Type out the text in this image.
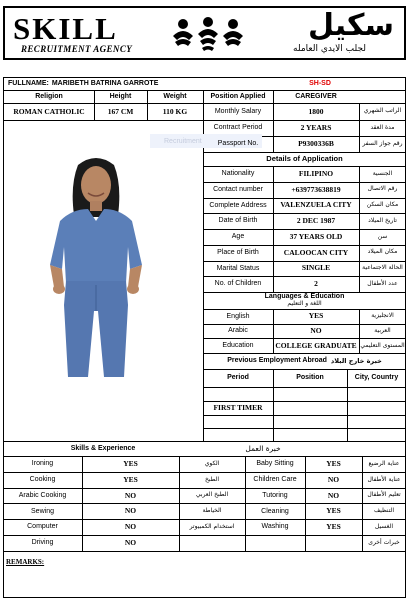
SKILL
RECRUITMENT AGENCY
سكيل
لجلب الايدي العامله
FULLNAME: MARIBETH BATRINA GARROTE	SH-SD
Religion	Height	Weight	Position Applied	CAREGIVER
ROMAN CATHOLIC	167 CM	110 KG	Monthly Salary	1800	الراتب الشهري
Contract Period	2 YEARS	مدة العقد
Recruitment	Passport No.	P9300336B	رقم جواز السفر
Details of Application
Languages & Education
اللغة و التعليم
Previous Employment Abroad خبرة خارج البلاد
Period	Position	City, Country
FIRST TIMER
Skills & Experience	خبرة العمل
REMARKS:
Nationality	FILIPINO	الجنسية
Contact number	+639773638819	رقم الاتصال
Complete Address	VALENZUELA CITY	مكان السكن
Date of Birth	2 DEC 1987	تاريخ الميلاد
Age	37 YEARS OLD	سن
Place of Birth	CALOOCAN CITY	مكان الميلاد
Marital Status	SINGLE	الحالة الاجتماعية
No. of Children	2	عدد الأطفال
English	YES	الانجليزية
Arabic	NO	العربية
Education	COLLEGE GRADUATE المستوى التعليمي
Ironing	YES	الكوي	Baby Sitting	YES	عناية الرضيع
Cooking	YES	الطبخ	Children Care	NO	عناية الأطفال
Arabic Cooking	NO	الطبخ العربي	Tutoring	NO	تعليم الأطفال
Sewing	NO	الخياطة	Cleaning	YES	التنظيف
Computer	NO	استخدام الكمبيوتر	Washing	YES	الغسيل
Driving	NO	خبرات أخرى
